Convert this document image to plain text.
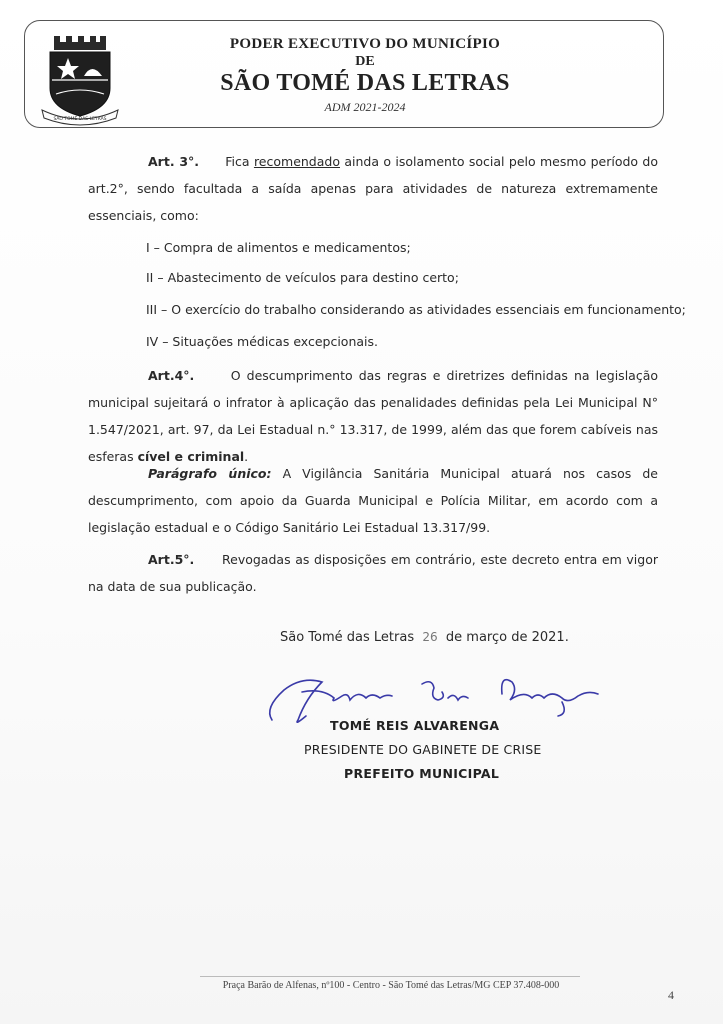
SÃO TOMÉ DAS LETRAS
PODER EXECUTIVO DO MUNICÍPIO
DE
SÃO TOMÉ DAS LETRAS
ADM 2021-2024

Art. 3°. Fica recomendado ainda o isolamento social pelo mesmo período do art.2°, sendo facultada a saída apenas para atividades de natureza extremamente essenciais, como:

I – Compra de alimentos e medicamentos;
II – Abastecimento de veículos para destino certo;
III – O exercício do trabalho considerando as atividades essenciais em funcionamento;
IV – Situações médicas excepcionais.

Art.4°.	O descumprimento das regras e diretrizes definidas na legislação municipal sujeitará o infrator à aplicação das penalidades definidas pela Lei Municipal N° 1.547/2021, art. 97, da Lei Estadual n.° 13.317, de 1999, além das que forem cabíveis nas esferas cível e criminal.

Parágrafo único: A Vigilância Sanitária Municipal atuará nos casos de descumprimento, com apoio da Guarda Municipal e Polícia Militar, em acordo com a legislação estadual e o Código Sanitário Lei Estadual 13.317/99.

Art.5°. Revogadas as disposições em contrário, este decreto entra em vigor na data de sua publicação.

São Tomé das Letras 26 de março de 2021.
TOMÉ REIS ALVARENGA
PRESIDENTE DO GABINETE DE CRISE
PREFEITO MUNICIPAL
Praça Barão de Alfenas, nº100 - Centro - São Tomé das Letras/MG CEP 37.408-000
4
